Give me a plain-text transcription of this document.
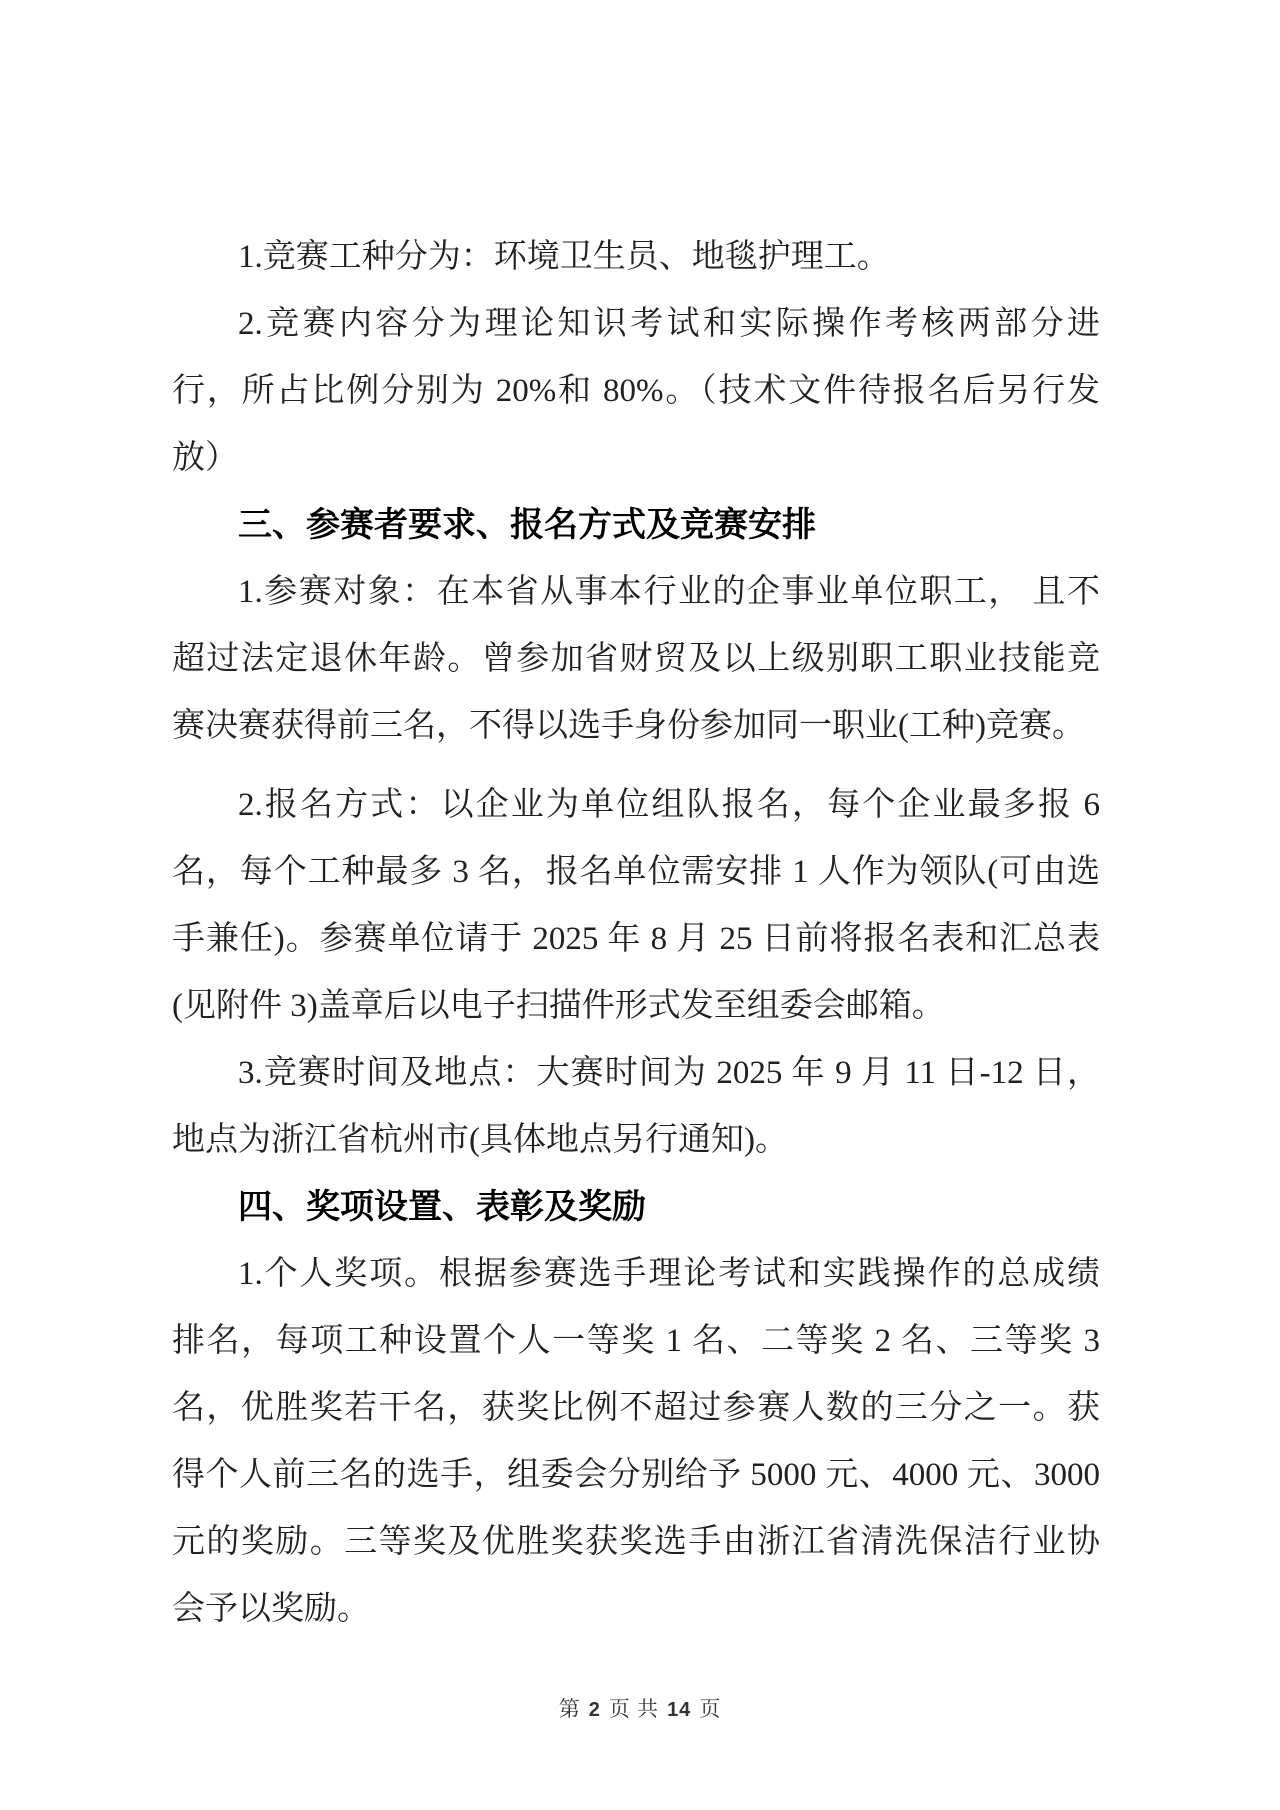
1.竞赛工种分为：环境卫生员、地毯护理工。
2.竞赛内容分为理论知识考试和实际操作考核两部分进
行，所占比例分别为 20%和 80%。（技术文件待报名后另行发
放）
三、参赛者要求、报名方式及竞赛安排
1.参赛对象：在本省从事本行业的企事业单位职工， 且不
超过法定退休年龄。曾参加省财贸及以上级别职工职业技能竞
赛决赛获得前三名，不得以选手身份参加同一职业(工种)竞赛。
2.报名方式：以企业为单位组队报名，每个企业最多报 6
名，每个工种最多 3 名，报名单位需安排 1 人作为领队(可由选
手兼任)。参赛单位请于 2025 年 8 月 25 日前将报名表和汇总表
(见附件 3)盖章后以电子扫描件形式发至组委会邮箱。
3.竞赛时间及地点：大赛时间为 2025 年 9 月 11 日-12 日，
地点为浙江省杭州市(具体地点另行通知)。
四、奖项设置、表彰及奖励
1.个人奖项。根据参赛选手理论考试和实践操作的总成绩
排名，每项工种设置个人一等奖 1 名、二等奖 2 名、三等奖 3
名，优胜奖若干名，获奖比例不超过参赛人数的三分之一。获
得个人前三名的选手，组委会分别给予 5000 元、4000 元、3000
元的奖励。三等奖及优胜奖获奖选手由浙江省清洗保洁行业协
会予以奖励。
第 2 页 共 14 页
